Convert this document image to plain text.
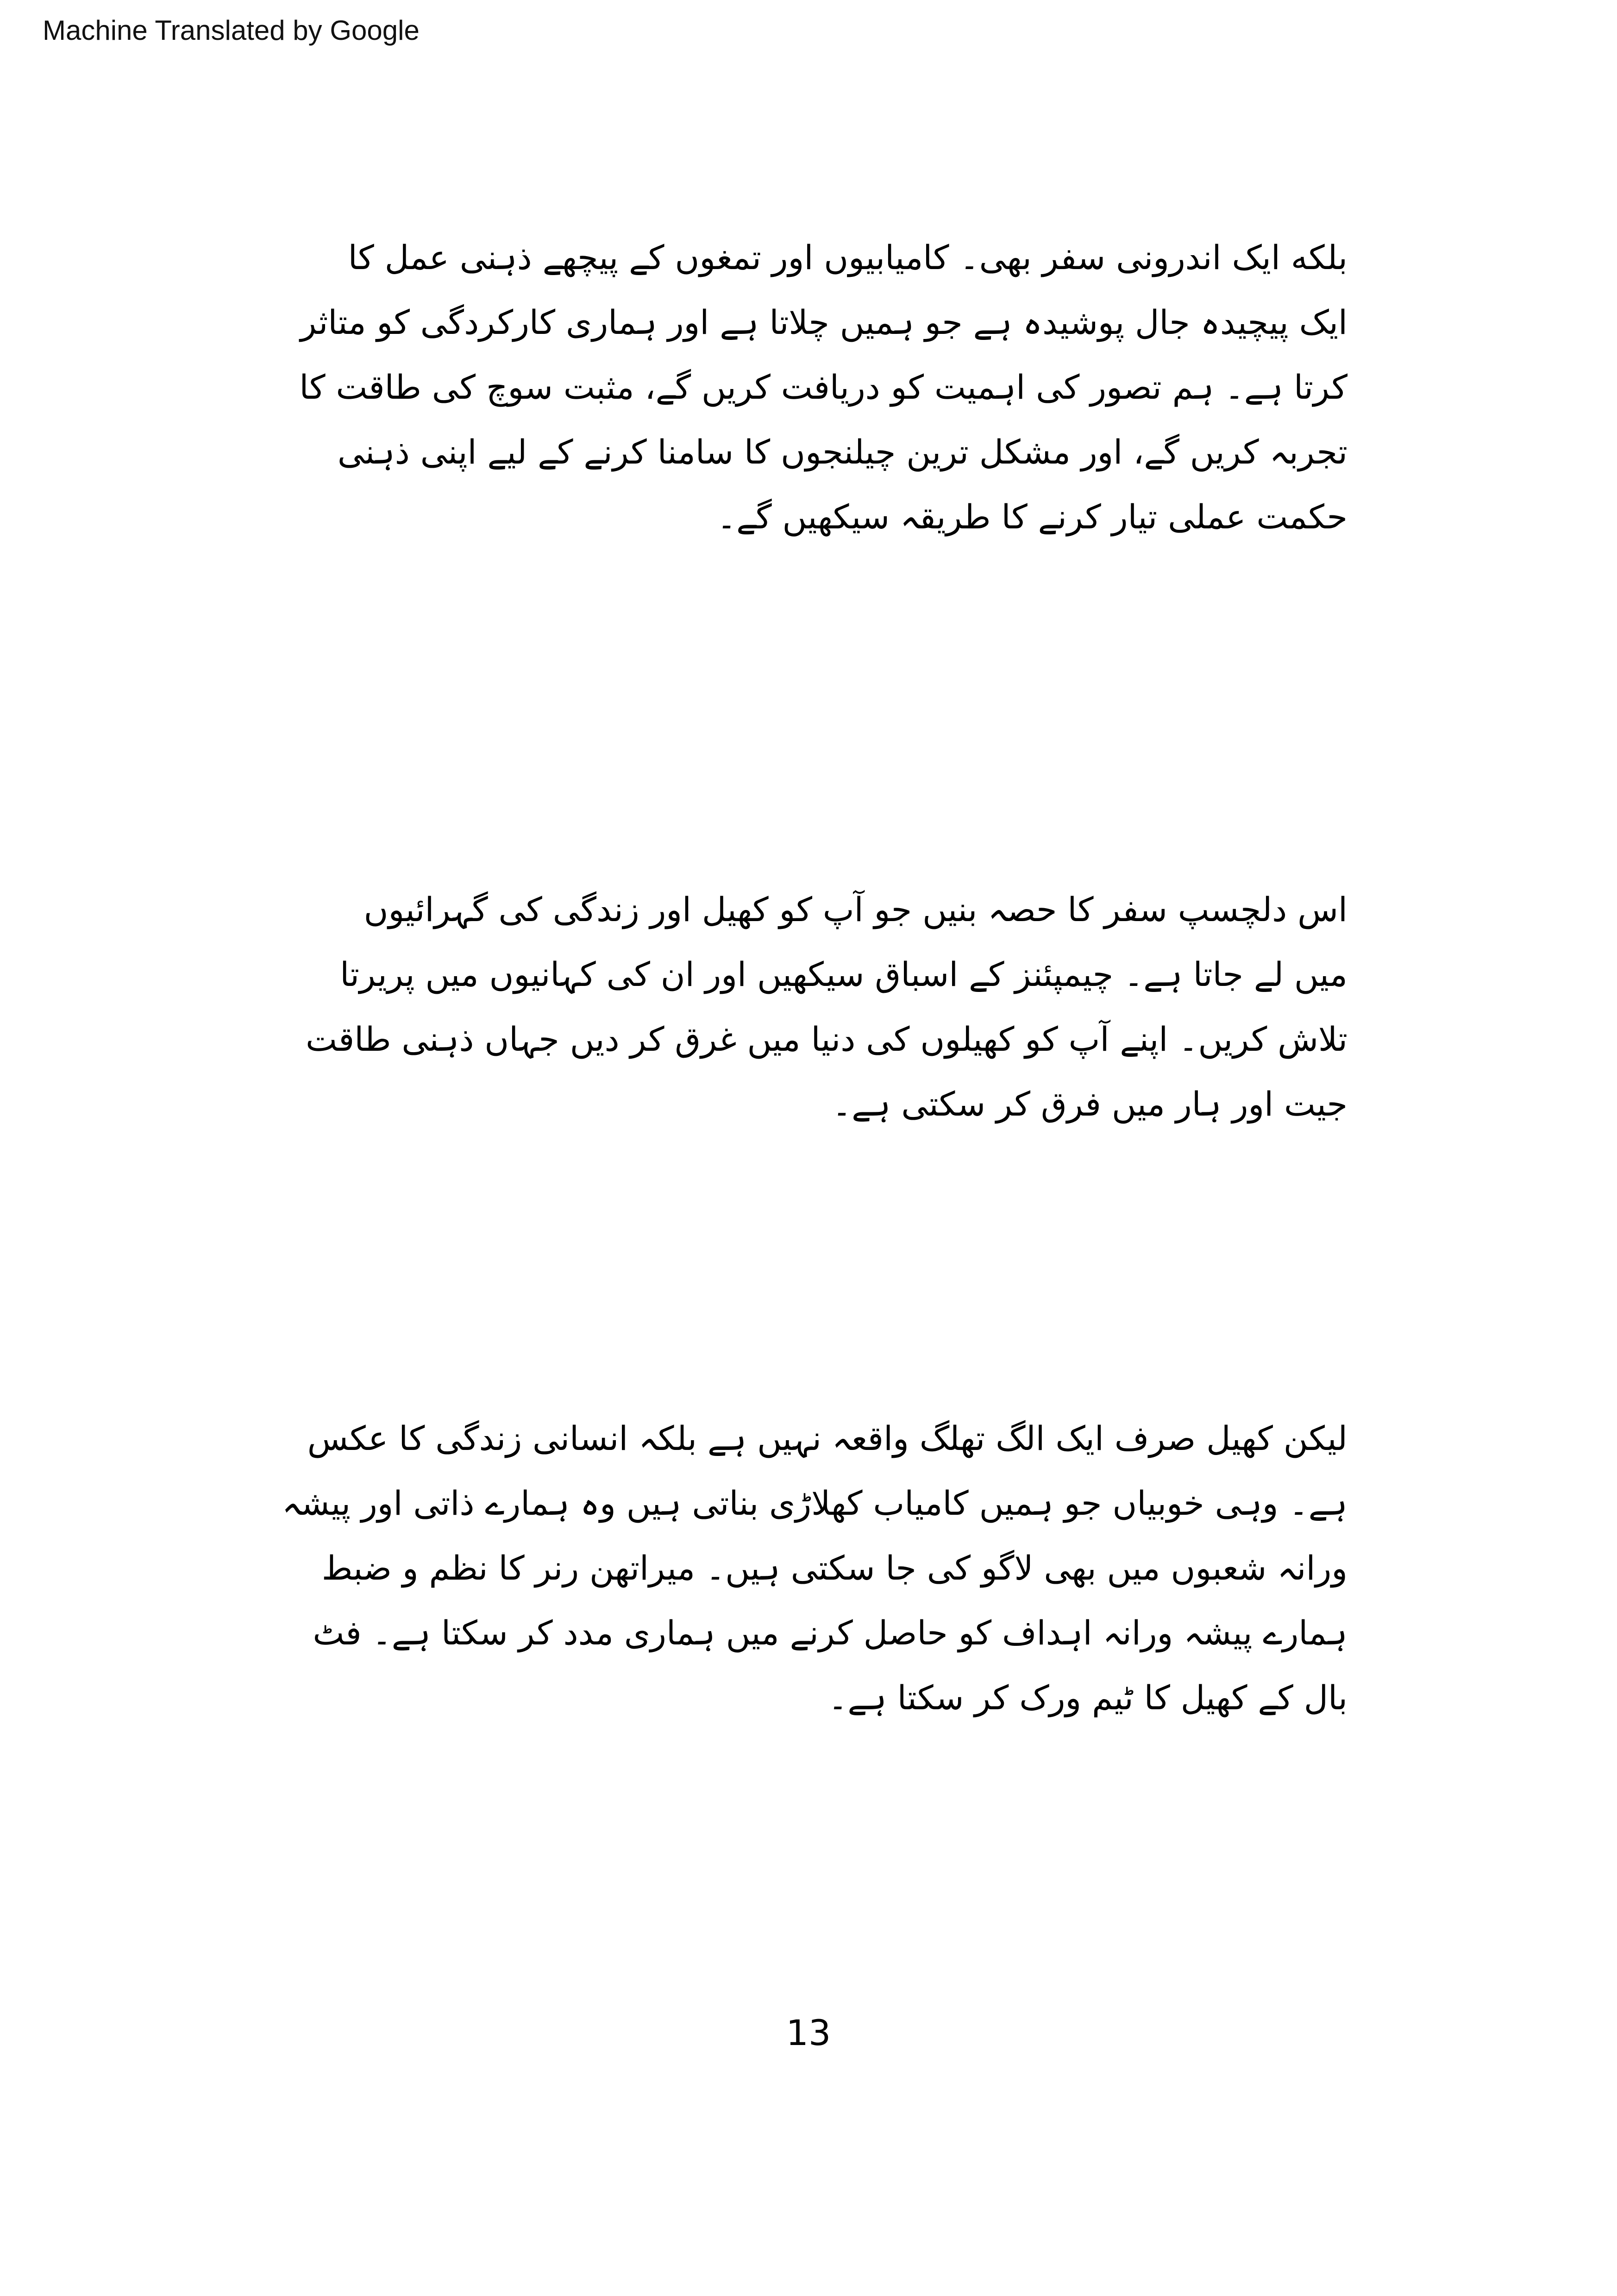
Machine Translated by Google
بلکه ایک اندرونی سفر بھی۔ کامیابیوں اور تمغوں کے پیچھے ذہنی عمل کا
ایک پیچیدہ جال پوشیدہ ہے جو ہمیں چلاتا ہے اور ہماری کارکردگی کو متاثر
کرتا ہے۔ ہم تصور کی اہمیت کو دریافت کریں گے، مثبت سوچ کی طاقت کا
تجربہ کریں گے، اور مشکل ترین چیلنجوں کا سامنا کرنے کے لیے اپنی ذہنی
حکمت عملی تیار کرنے کا طریقہ سیکھیں گے۔
اس دلچسپ سفر کا حصہ بنیں جو آپ کو کھیل اور زندگی کی گہرائیوں
میں لے جاتا ہے۔ چیمپئنز کے اسباق سیکھیں اور ان کی کہانیوں میں پریرتا
تلاش کریں۔ اپنے آپ کو کھیلوں کی دنیا میں غرق کر دیں جہاں ذہنی طاقت
جیت اور ہار میں فرق کر سکتی ہے۔
لیکن کھیل صرف ایک الگ تھلگ واقعہ نہیں ہے بلکہ انسانی زندگی کا عکس
ہے۔ وہی خوبیاں جو ہمیں کامیاب کھلاڑی بناتی ہیں وہ ہمارے ذاتی اور پیشہ
ورانہ شعبوں میں بھی لاگو کی جا سکتی ہیں۔ میراتھن رنر کا نظم و ضبط
ہمارے پیشہ ورانہ اہداف کو حاصل کرنے میں ہماری مدد کر سکتا ہے۔ فٹ
بال کے کھیل کا ٹیم ورک کر سکتا ہے۔
13
